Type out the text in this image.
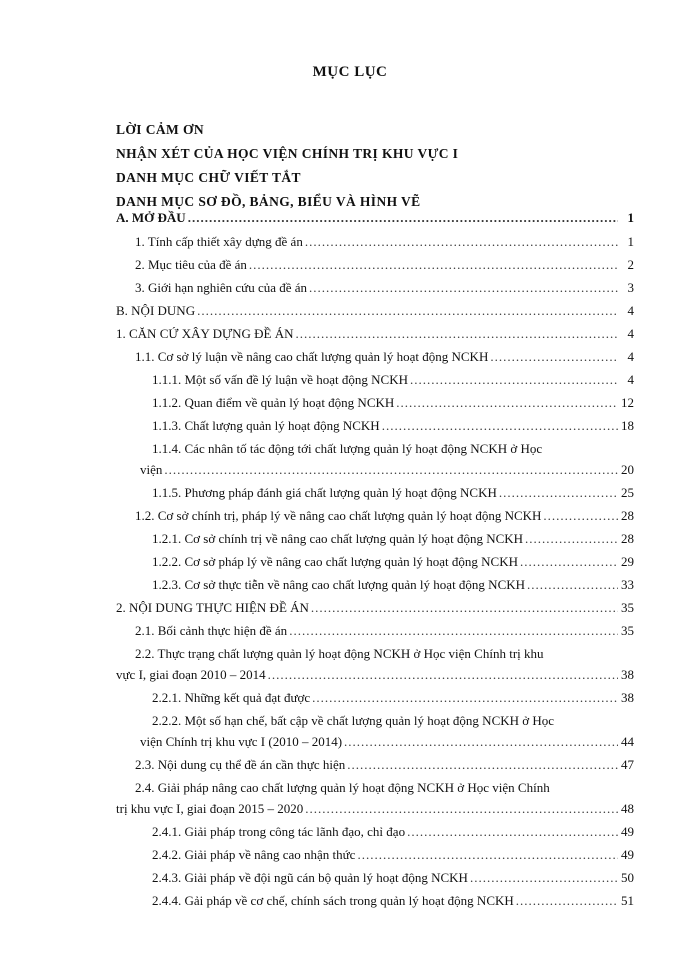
MỤC LỤC
LỜI CẢM ƠN
NHẬN XÉT CỦA HỌC VIỆN CHÍNH TRỊ KHU VỰC I
DANH MỤC CHỮ VIẾT TẮT
DANH MỤC SƠ ĐỒ, BẢNG, BIỂU VÀ HÌNH VẼ
A. MỞ ĐẦU .....	1
1. Tính cấp thiết xây dựng đề án .....	1
2. Mục tiêu của đề án .....	2
3. Giới hạn nghiên cứu của đề án .....	3
B. NỘI DUNG .....	4
1. CĂN CỨ XÂY DỰNG ĐỀ ÁN .....	4
1.1. Cơ sở lý luận về nâng cao chất lượng quản lý hoạt động NCKH .....	4
1.1.1. Một số vấn đề lý luận về hoạt động NCKH .....	4
1.1.2. Quan điểm về quản lý hoạt động NCKH .....	12
1.1.3. Chất lượng quản lý hoạt động NCKH .....	18
1.1.4. Các nhân tố tác động tới chất lượng quản lý hoạt động NCKH ở Học
viện .....	20
1.1.5. Phương pháp đánh giá chất lượng quản lý hoạt động NCKH .....	25
1.2. Cơ sở chính trị, pháp lý về nâng cao chất lượng quản lý hoạt động NCKH .....	28
1.2.1. Cơ sở chính trị về nâng cao chất lượng quản lý hoạt động NCKH .....	28
1.2.2. Cơ sở pháp lý về nâng cao chất lượng quản lý hoạt động NCKH .....	29
1.2.3. Cơ sở thực tiễn về nâng cao chất lượng quản lý hoạt động NCKH .....	33
2. NỘI DUNG THỰC HIỆN ĐỀ ÁN .....	35
2.1. Bối cảnh thực hiện đề án .....	35
2.2. Thực trạng chất lượng quản lý hoạt động NCKH ở Học viện Chính trị khu
vực I, giai đoạn 2010 – 2014 .....	38
2.2.1. Những kết quả đạt được .....	38
2.2.2. Một số hạn chế, bất cập về chất lượng quản lý hoạt động NCKH ở Học
viện Chính trị khu vực I (2010 – 2014) .....	44
2.3. Nội dung cụ thể đề án cần thực hiện .....	47
2.4. Giải pháp nâng cao chất lượng quản lý hoạt động NCKH ở Học viện Chính
trị khu vực I, giai đoạn 2015 – 2020 .....	48
2.4.1. Giải pháp trong công tác lãnh đạo, chỉ đạo .....	49
2.4.2. Giải pháp về nâng cao nhận thức .....	49
2.4.3. Giải pháp về đội ngũ cán bộ quản lý hoạt động NCKH .....	50
2.4.4. Gải pháp về cơ chế, chính sách trong quản lý hoạt động NCKH .....	51
